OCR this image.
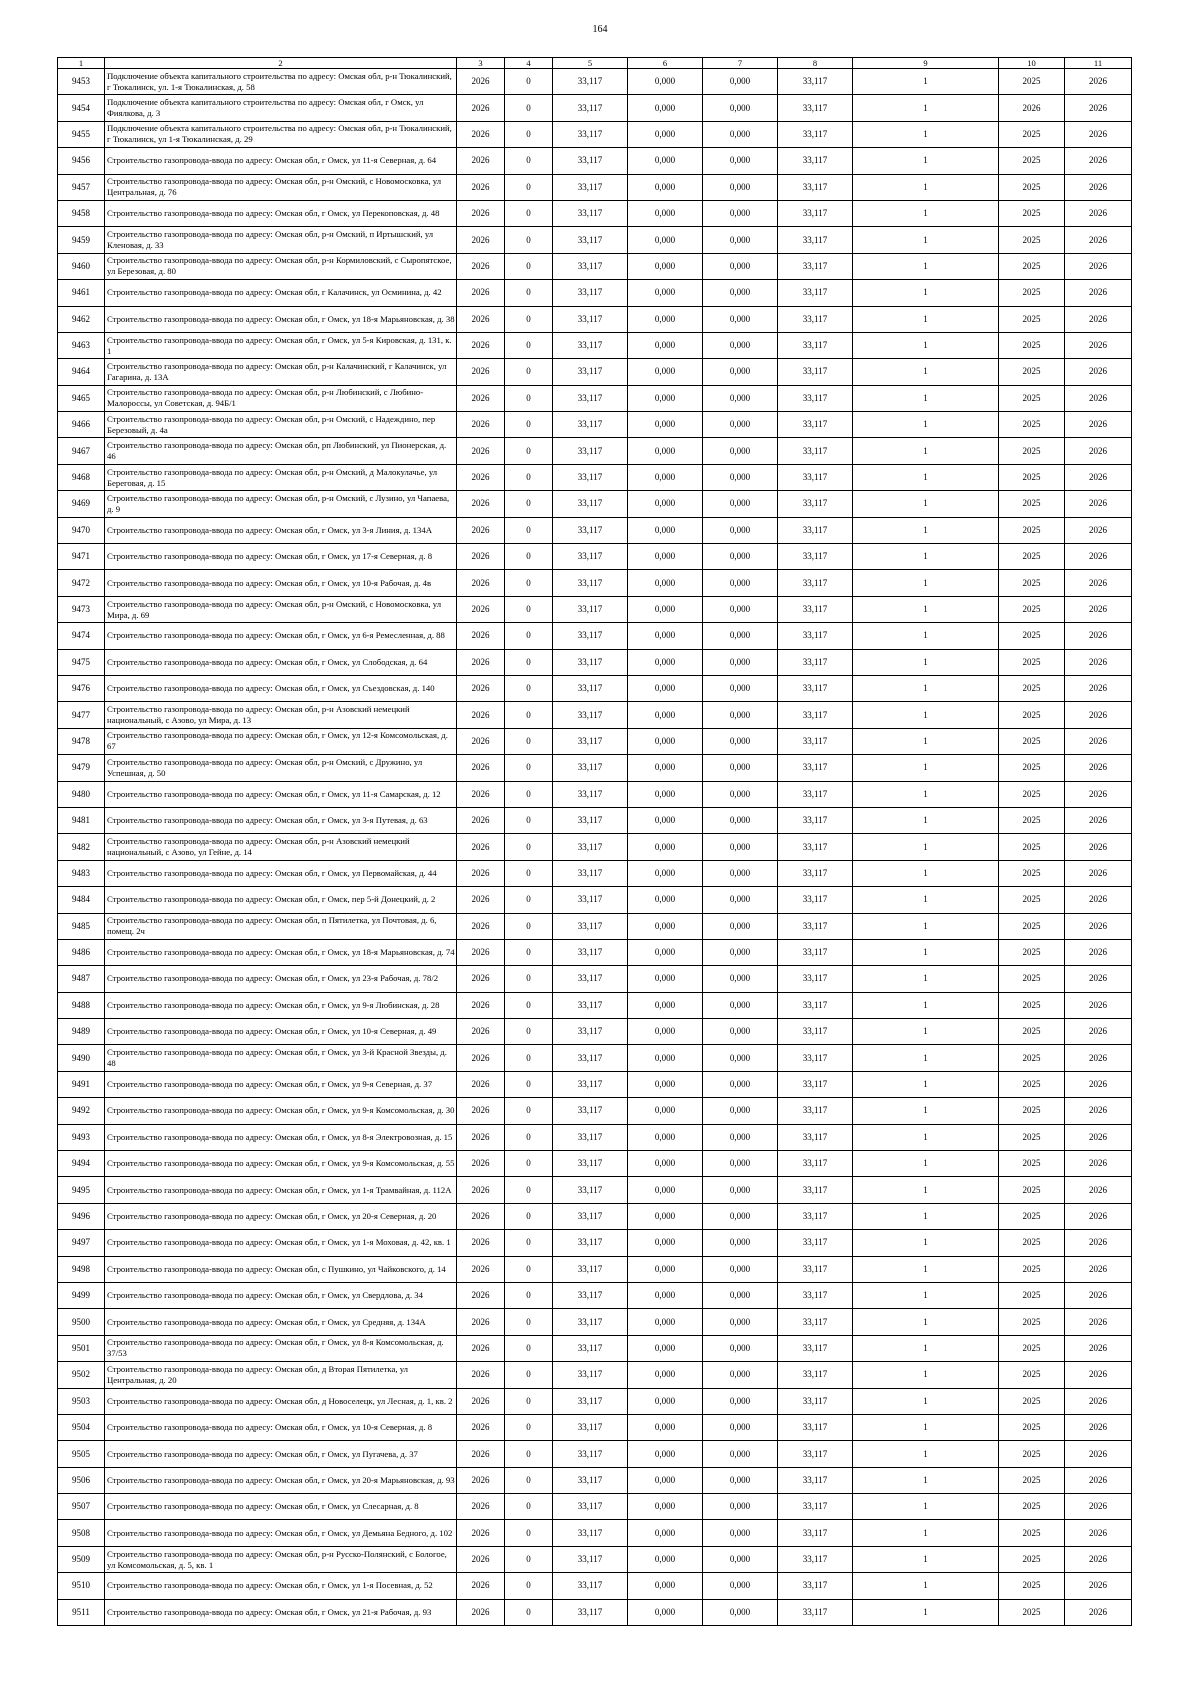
164
1	2	3	4	5	6	7	8	9	10	11
9453	Подключение объекта капитального строительства по адресу: Омская обл, р-н Тюкалинский, г Тюкалинск, ул. 1-я Тюкалинская, д. 58	2026	0	33,117	0,000	0,000	33,117	1	2025	2026
9454	Подключение объекта капитального строительства по адресу: Омская обл, г Омск, ул Фиялкова, д. 3	2026	0	33,117	0,000	0,000	33,117	1	2026	2026
9455	Подключение объекта капитального строительства по адресу: Омская обл, р-н Тюкалинский, г Тюкалинск, ул 1-я Тюкалинская, д. 29	2026	0	33,117	0,000	0,000	33,117	1	2025	2026
9456	Строительство газопровода-ввода по адресу: Омская обл, г Омск, ул 11-я Северная, д. 64	2026	0	33,117	0,000	0,000	33,117	1	2025	2026
9457	Строительство газопровода-ввода по адресу: Омская обл, р-н Омский, с Новомосковка, ул Центральная, д. 76	2026	0	33,117	0,000	0,000	33,117	1	2025	2026
9458	Строительство газопровода-ввода по адресу: Омская обл, г Омск, ул Перекоповская, д. 48	2026	0	33,117	0,000	0,000	33,117	1	2025	2026
9459	Строительство газопровода-ввода по адресу: Омская обл, р-н Омский, п Иртышский, ул Кленовая, д. 33	2026	0	33,117	0,000	0,000	33,117	1	2025	2026
9460	Строительство газопровода-ввода по адресу: Омская обл, р-н Кормиловский, с Сыропятское, ул Березовая, д. 80	2026	0	33,117	0,000	0,000	33,117	1	2025	2026
9461	Строительство газопровода-ввода по адресу: Омская обл, г Калачинск, ул Осминина, д. 42	2026	0	33,117	0,000	0,000	33,117	1	2025	2026
9462	Строительство газопровода-ввода по адресу: Омская обл, г Омск, ул 18-я Марьяновская, д. 38	2026	0	33,117	0,000	0,000	33,117	1	2025	2026
9463	Строительство газопровода-ввода по адресу: Омская обл, г Омск, ул 5-я Кировская, д. 131, к. 1	2026	0	33,117	0,000	0,000	33,117	1	2025	2026
9464	Строительство газопровода-ввода по адресу: Омская обл, р-н Калачинский, г Калачинск, ул Гагарина, д. 13А	2026	0	33,117	0,000	0,000	33,117	1	2025	2026
9465	Строительство газопровода-ввода по адресу: Омская обл, р-н Любинский, с Любино-Малороссы, ул Советская, д. 94Б/1	2026	0	33,117	0,000	0,000	33,117	1	2025	2026
9466	Строительство газопровода-ввода по адресу: Омская обл, р-н Омский, с Надеждино, пер Березовый, д. 4а	2026	0	33,117	0,000	0,000	33,117	1	2025	2026
9467	Строительство газопровода-ввода по адресу: Омская обл, рп Любинский, ул Пионерская, д. 46	2026	0	33,117	0,000	0,000	33,117	1	2025	2026
9468	Строительство газопровода-ввода по адресу: Омская обл, р-н Омский, д Малокулачье, ул Береговая, д. 15	2026	0	33,117	0,000	0,000	33,117	1	2025	2026
9469	Строительство газопровода-ввода по адресу: Омская обл, р-н Омский, с Лузино, ул Чапаева, д. 9	2026	0	33,117	0,000	0,000	33,117	1	2025	2026
9470	Строительство газопровода-ввода по адресу: Омская обл, г Омск, ул 3-я Линия, д. 134А	2026	0	33,117	0,000	0,000	33,117	1	2025	2026
9471	Строительство газопровода-ввода по адресу: Омская обл, г Омск, ул 17-я Северная, д. 8	2026	0	33,117	0,000	0,000	33,117	1	2025	2026
9472	Строительство газопровода-ввода по адресу: Омская обл, г Омск, ул 10-я Рабочая, д. 4в	2026	0	33,117	0,000	0,000	33,117	1	2025	2026
9473	Строительство газопровода-ввода по адресу: Омская обл, р-н Омский, с Новомосковка, ул Мира, д. 69	2026	0	33,117	0,000	0,000	33,117	1	2025	2026
9474	Строительство газопровода-ввода по адресу: Омская обл, г Омск, ул 6-я Ремесленная, д. 88	2026	0	33,117	0,000	0,000	33,117	1	2025	2026
9475	Строительство газопровода-ввода по адресу: Омская обл, г Омск, ул Слободская, д. 64	2026	0	33,117	0,000	0,000	33,117	1	2025	2026
9476	Строительство газопровода-ввода по адресу: Омская обл, г Омск, ул Съездовская, д. 140	2026	0	33,117	0,000	0,000	33,117	1	2025	2026
9477	Строительство газопровода-ввода по адресу: Омская обл, р-н Азовский немецкий национальный, с Азово, ул Мира, д. 13	2026	0	33,117	0,000	0,000	33,117	1	2025	2026
9478	Строительство газопровода-ввода по адресу: Омская обл, г Омск, ул 12-я Комсомольская, д. 67	2026	0	33,117	0,000	0,000	33,117	1	2025	2026
9479	Строительство газопровода-ввода по адресу: Омская обл, р-н Омский, с Дружино, ул Успешная, д. 50	2026	0	33,117	0,000	0,000	33,117	1	2025	2026
9480	Строительство газопровода-ввода по адресу: Омская обл, г Омск, ул 11-я Самарская, д. 12	2026	0	33,117	0,000	0,000	33,117	1	2025	2026
9481	Строительство газопровода-ввода по адресу: Омская обл, г Омск, ул 3-я Путевая, д. 63	2026	0	33,117	0,000	0,000	33,117	1	2025	2026
9482	Строительство газопровода-ввода по адресу: Омская обл, р-н Азовский немецкий национальный, с Азово, ул Гейне, д. 14	2026	0	33,117	0,000	0,000	33,117	1	2025	2026
9483	Строительство газопровода-ввода по адресу: Омская обл, г Омск, ул Первомайская, д. 44	2026	0	33,117	0,000	0,000	33,117	1	2025	2026
9484	Строительство газопровода-ввода по адресу: Омская обл, г Омск, пер 5-й Донецкий, д. 2	2026	0	33,117	0,000	0,000	33,117	1	2025	2026
9485	Строительство газопровода-ввода по адресу: Омская обл, п Пятилетка, ул Почтовая, д. 6, помещ. 2ч	2026	0	33,117	0,000	0,000	33,117	1	2025	2026
9486	Строительство газопровода-ввода по адресу: Омская обл, г Омск, ул 18-я Марьяновская, д. 74	2026	0	33,117	0,000	0,000	33,117	1	2025	2026
9487	Строительство газопровода-ввода по адресу: Омская обл, г Омск, ул 23-я Рабочая, д. 78/2	2026	0	33,117	0,000	0,000	33,117	1	2025	2026
9488	Строительство газопровода-ввода по адресу: Омская обл, г Омск, ул 9-я Любинская, д. 28	2026	0	33,117	0,000	0,000	33,117	1	2025	2026
9489	Строительство газопровода-ввода по адресу: Омская обл, г Омск, ул 10-я Северная, д. 49	2026	0	33,117	0,000	0,000	33,117	1	2025	2026
9490	Строительство газопровода-ввода по адресу: Омская обл, г Омск, ул 3-й Красной Звезды, д. 48	2026	0	33,117	0,000	0,000	33,117	1	2025	2026
9491	Строительство газопровода-ввода по адресу: Омская обл, г Омск, ул 9-я Северная, д. 37	2026	0	33,117	0,000	0,000	33,117	1	2025	2026
9492	Строительство газопровода-ввода по адресу: Омская обл, г Омск, ул 9-я Комсомольская, д. 30	2026	0	33,117	0,000	0,000	33,117	1	2025	2026
9493	Строительство газопровода-ввода по адресу: Омская обл, г Омск, ул 8-я Электровозная, д. 15	2026	0	33,117	0,000	0,000	33,117	1	2025	2026
9494	Строительство газопровода-ввода по адресу: Омская обл, г Омск, ул 9-я Комсомольская, д. 55	2026	0	33,117	0,000	0,000	33,117	1	2025	2026
9495	Строительство газопровода-ввода по адресу: Омская обл, г Омск, ул 1-я Трамвайная, д. 112А	2026	0	33,117	0,000	0,000	33,117	1	2025	2026
9496	Строительство газопровода-ввода по адресу: Омская обл, г Омск, ул 20-я Северная, д. 20	2026	0	33,117	0,000	0,000	33,117	1	2025	2026
9497	Строительство газопровода-ввода по адресу: Омская обл, г Омск, ул 1-я Моховая, д. 42, кв. 1	2026	0	33,117	0,000	0,000	33,117	1	2025	2026
9498	Строительство газопровода-ввода по адресу: Омская обл, с Пушкино, ул Чайковского, д. 14	2026	0	33,117	0,000	0,000	33,117	1	2025	2026
9499	Строительство газопровода-ввода по адресу: Омская обл, г Омск, ул Свердлова, д. 34	2026	0	33,117	0,000	0,000	33,117	1	2025	2026
9500	Строительство газопровода-ввода по адресу: Омская обл, г Омск, ул Средняя, д. 134А	2026	0	33,117	0,000	0,000	33,117	1	2025	2026
9501	Строительство газопровода-ввода по адресу: Омская обл, г Омск, ул 8-я Комсомольская, д. 37/53	2026	0	33,117	0,000	0,000	33,117	1	2025	2026
9502	Строительство газопровода-ввода по адресу: Омская обл, д Вторая Пятилетка, ул Центральная, д. 20	2026	0	33,117	0,000	0,000	33,117	1	2025	2026
9503	Строительство газопровода-ввода по адресу: Омская обл, д Новоселецк, ул Лесная, д. 1, кв. 2	2026	0	33,117	0,000	0,000	33,117	1	2025	2026
9504	Строительство газопровода-ввода по адресу: Омская обл, г Омск, ул 10-я Северная, д. 8	2026	0	33,117	0,000	0,000	33,117	1	2025	2026
9505	Строительство газопровода-ввода по адресу: Омская обл, г Омск, ул Пугачева, д. 37	2026	0	33,117	0,000	0,000	33,117	1	2025	2026
9506	Строительство газопровода-ввода по адресу: Омская обл, г Омск, ул 20-я Марьяновская, д. 93	2026	0	33,117	0,000	0,000	33,117	1	2025	2026
9507	Строительство газопровода-ввода по адресу: Омская обл, г Омск, ул Слесарная, д. 8	2026	0	33,117	0,000	0,000	33,117	1	2025	2026
9508	Строительство газопровода-ввода по адресу: Омская обл, г Омск, ул Демьяна Бедного, д. 102	2026	0	33,117	0,000	0,000	33,117	1	2025	2026
9509	Строительство газопровода-ввода по адресу: Омская обл, р-н Русско-Полянский, с Бологое, ул Комсомольская, д. 5, кв. 1	2026	0	33,117	0,000	0,000	33,117	1	2025	2026
9510	Строительство газопровода-ввода по адресу: Омская обл, г Омск, ул 1-я Посевная, д. 52	2026	0	33,117	0,000	0,000	33,117	1	2025	2026
9511	Строительство газопровода-ввода по адресу: Омская обл, г Омск, ул 21-я Рабочая, д. 93	2026	0	33,117	0,000	0,000	33,117	1	2025	2026
